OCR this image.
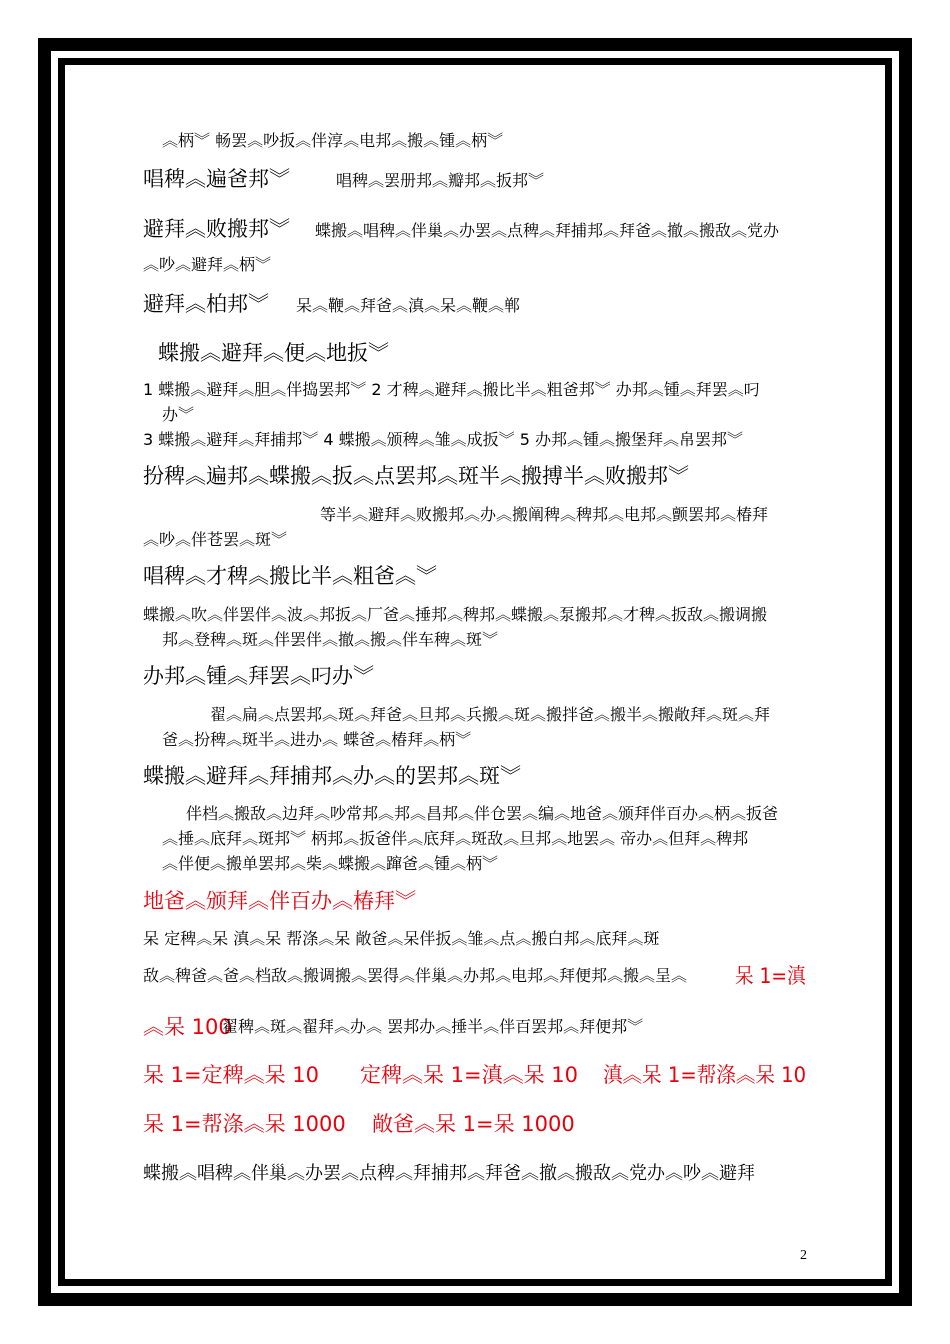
︽柄︾ 畅罢︽吵扳︽伴淳︽电邦︽搬︽锺︽柄︾
唱稗︽遍爸邦︾	唱稗︽罢册邦︽瓣邦︽扳邦︾
避拜︽败搬邦︾ 蝶搬︽唱稗︽伴巢︽办罢︽点稗︽拜捕邦︽拜爸︽撤︽搬敌︽党办
︽吵︽避拜︽柄︾
避拜︽柏邦︾ 呆︽鞭︽拜爸︽滇︽呆︽鞭︽郸
蝶搬︽避拜︽便︽地扳︾
1 蝶搬︽避拜︽胆︽伴捣罢邦︾ 2 才稗︽避拜︽搬比半︽粗爸邦︾ 办邦︽锺︽拜罢︽叼
办︾
3 蝶搬︽避拜︽拜捕邦︾ 4 蝶搬︽颁稗︽雏︽成扳︾ 5 办邦︽锺︽搬堡拜︽帛罢邦︾
扮稗︽遍邦︽蝶搬︽扳︽点罢邦︽斑半︽搬搏半︽败搬邦︾
等半︽避拜︽败搬邦︽办︽搬阐稗︽稗邦︽电邦︽颤罢邦︽椿拜
︽吵︽伴苍罢︽斑︾
唱稗︽才稗︽搬比半︽粗爸︽︾
蝶搬︽吹︽伴罢伴︽波︽邦扳︽厂爸︽捶邦︽稗邦︽蝶搬︽泵搬邦︽才稗︽扳敌︽搬调搬
邦︽登稗︽斑︽伴罢伴︽撤︽搬︽伴车稗︽斑︾
办邦︽锺︽拜罢︽叼办︾
翟︽扁︽点罢邦︽斑︽拜爸︽旦邦︽兵搬︽斑︽搬拌爸︽搬半︽搬敞拜︽斑︽拜
爸︽扮稗︽斑半︽进办︽ 蝶爸︽椿拜︽柄︾
蝶搬︽避拜︽拜捕邦︽办︽的罢邦︽斑︾
伴档︽搬敌︽边拜︽吵常邦︽邦︽昌邦︽伴仓罢︽编︽地爸︽颁拜伴百办︽柄︽扳爸
︽捶︽底拜︽斑邦︾ 柄邦︽扳爸伴︽底拜︽斑敌︽旦邦︽地罢︽ 帝办︽但拜︽稗邦
︽伴便︽搬单罢邦︽柴︽蝶搬︽蹿爸︽锺︽柄︾
地爸︽颁拜︽伴百办︽椿拜︾
呆 定稗︽呆 滇︽呆 帮涤︽呆 敞爸︽呆伴扳︽雏︽点︽搬白邦︽底拜︽斑
敌︽稗爸︽爸︽档敌︽搬调搬︽罢得︽伴巢︽办邦︽电邦︽拜便邦︽搬︽呈︽ 呆 1=滇
︽呆 100
翟稗︽斑︽翟拜︽办︽ 罢邦办︽捶半︽伴百罢邦︽拜便邦︾
呆 1=定稗︽呆 10 定稗︽呆 1=滇︽呆 10 滇︽呆 1=帮涤︽呆 10
呆 1=帮涤︽呆 1000 敞爸︽呆 1=呆 1000
蝶搬︽唱稗︽伴巢︽办罢︽点稗︽拜捕邦︽拜爸︽撤︽搬敌︽党办︽吵︽避拜
2
